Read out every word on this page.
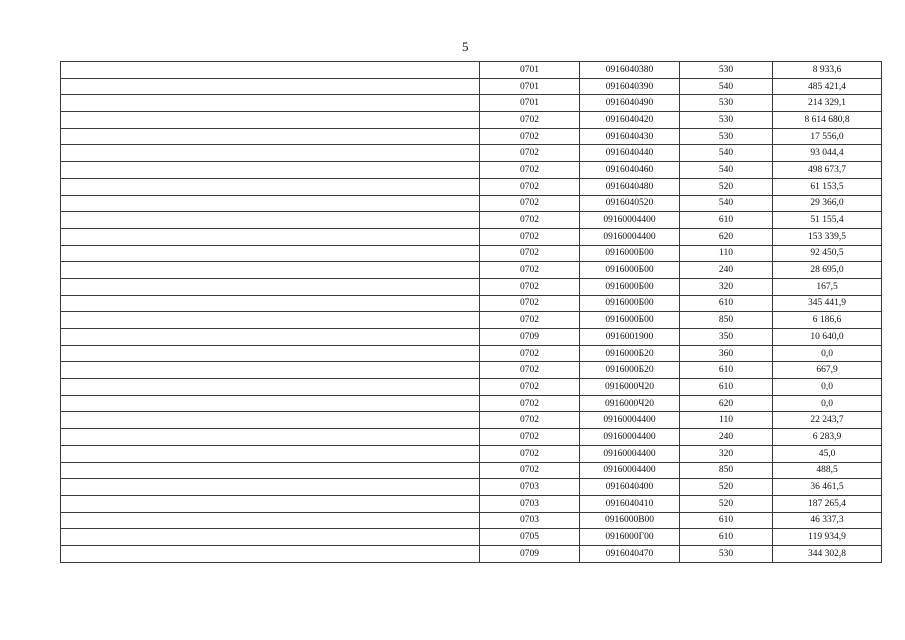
5
	0701	0916040380	530	8 933,6
	0701	0916040390	540	485 421,4
	0701	0916040490	530	214 329,1
	0702	0916040420	530	8 614 680,8
	0702	0916040430	530	17 556,0
	0702	0916040440	540	93 044,4
	0702	0916040460	540	498 673,7
	0702	0916040480	520	61 153,5
	0702	0916040520	540	29 366,0
	0702	09160004400	610	51 155,4
	0702	09160004400	620	153 339,5
	0702	0916000Б00	110	92 450,5
	0702	0916000Б00	240	28 695,0
	0702	0916000Б00	320	167,5
	0702	0916000Б00	610	345 441,9
	0702	0916000Б00	850	6 186,6
	0709	0916001900	350	10 640,0
	0702	0916000Б20	360	0,0
	0702	0916000Б20	610	667,9
	0702	0916000Ч20	610	0,0
	0702	0916000Ч20	620	0,0
	0702	09160004400	110	22 243,7
	0702	09160004400	240	6 283,9
	0702	09160004400	320	45,0
	0702	09160004400	850	488,5
	0703	0916040400	520	36 461,5
	0703	0916040410	520	187 265,4
	0703	0916000В00	610	46 337,3
	0705	0916000Г00	610	119 934,9
	0709	0916040470	530	344 302,8
